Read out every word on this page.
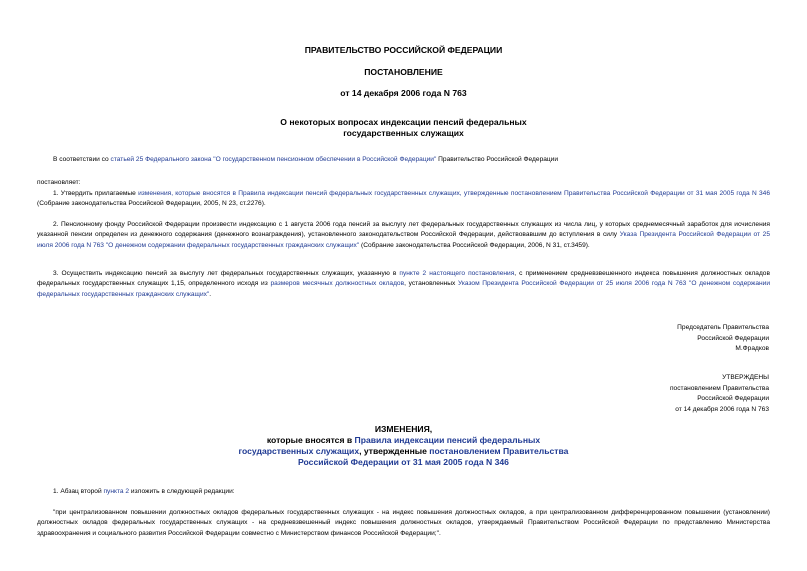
ПРАВИТЕЛЬСТВО РОССИЙСКОЙ ФЕДЕРАЦИИ
ПОСТАНОВЛЕНИЕ
от 14 декабря 2006 года N 763
О некоторых вопросах индексации пенсий федеральных
государственных служащих

В соответствии со статьей 25 Федерального закона "О государственном пенсионном обеспечении в Российской Федерации" Правительство Российской Федерации

постановляет:

1. Утвердить прилагаемые изменения, которые вносятся в Правила индексации пенсий федеральных государственных служащих, утвержденные постановлением Правительства Российской Федерации от 31 мая 2005 года N 346 (Собрание законодательства Российской Федерации, 2005, N 23, ст.2276).

2. Пенсионному фонду Российской Федерации произвести индексацию с 1 августа 2006 года пенсий за выслугу лет федеральных государственных служащих из числа лиц, у которых среднемесячный заработок для исчисления указанной пенсии определен из денежного содержания (денежного вознаграждения), установленного законодательством Российской Федерации, действовавшим до вступления в силу Указа Президента Российской Федерации от 25 июля 2006 года N 763 "О денежном содержании федеральных государственных гражданских служащих" (Собрание законодательства Российской Федерации, 2006, N 31, ст.3459).

3. Осуществить индексацию пенсий за выслугу лет федеральных государственных служащих, указанную в пункте 2 настоящего постановления, с применением средневзвешенного индекса повышения должностных окладов федеральных государственных служащих 1,15, определенного исходя из размеров месячных должностных окладов, установленных Указом Президента Российской Федерации от 25 июля 2006 года N 763 "О денежном содержании федеральных государственных гражданских служащих".

Председатель Правительства
Российской Федерации
М.Фрадков
УТВЕРЖДЕНЫ
постановлением Правительства
Российской Федерации
от 14 декабря 2006 года N 763
ИЗМЕНЕНИЯ,
которые вносятся в Правила индексации пенсий федеральных
государственных служащих, утвержденные постановлением Правительства
Российской Федерации от 31 мая 2005 года N 346

1. Абзац второй пункта 2 изложить в следующей редакции:

"при централизованном повышении должностных окладов федеральных государственных служащих - на индекс повышения должностных окладов, а при централизованном дифференцированном повышении (установлении) должностных окладов федеральных государственных служащих - на средневзвешенный индекс повышения должностных окладов, утверждаемый Правительством Российской Федерации по представлению Министерства здравоохранения и социального развития Российской Федерации совместно с Министерством финансов Российской Федерации;".
